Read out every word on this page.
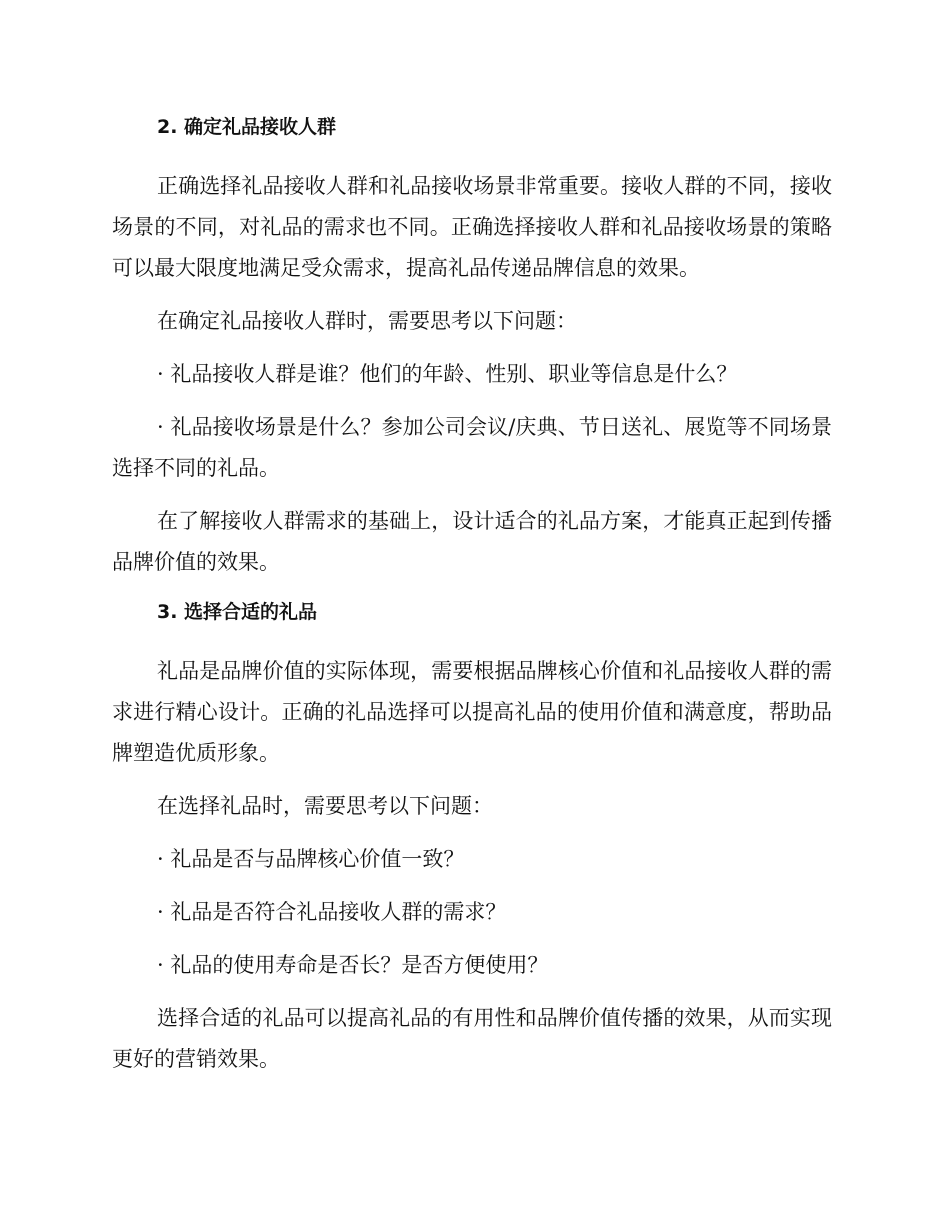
2. 确定礼品接收人群

正确选择礼品接收人群和礼品接收场景非常重要。接收人群的不同，接收场景的不同，对礼品的需求也不同。正确选择接收人群和礼品接收场景的策略可以最大限度地满足受众需求，提高礼品传递品牌信息的效果。

在确定礼品接收人群时，需要思考以下问题：

· 礼品接收人群是谁？他们的年龄、性别、职业等信息是什么？

· 礼品接收场景是什么？参加公司会议/庆典、节日送礼、展览等不同场景选择不同的礼品。

在了解接收人群需求的基础上，设计适合的礼品方案，才能真正起到传播品牌价值的效果。

3. 选择合适的礼品

礼品是品牌价值的实际体现，需要根据品牌核心价值和礼品接收人群的需求进行精心设计。正确的礼品选择可以提高礼品的使用价值和满意度，帮助品牌塑造优质形象。

在选择礼品时，需要思考以下问题：

· 礼品是否与品牌核心价值一致？

· 礼品是否符合礼品接收人群的需求？

· 礼品的使用寿命是否长？是否方便使用？

选择合适的礼品可以提高礼品的有用性和品牌价值传播的效果，从而实现更好的营销效果。
